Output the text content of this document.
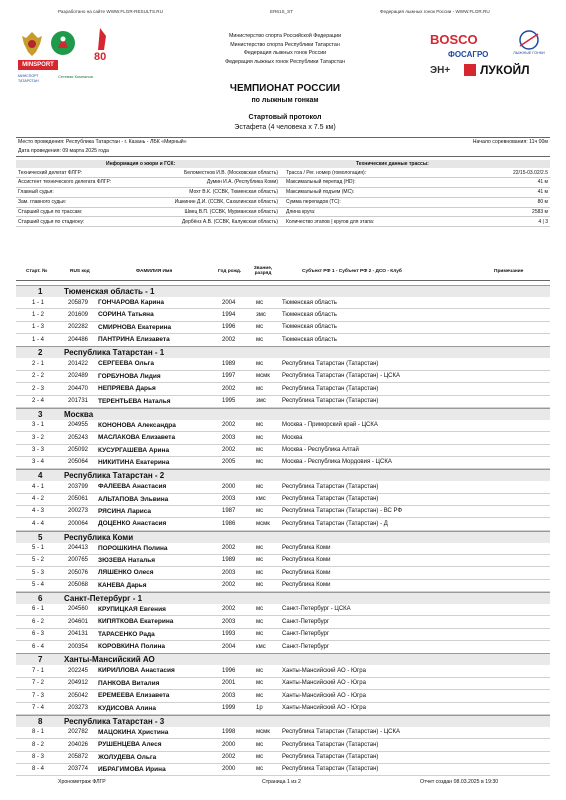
Разработано на сайте WWW.FLGR-RESULTS.RU	ER61S_ST	Федерация лыжных гонок России - WWW.FLGR.RU
80
MINSPORT
МИНСПОРТ ТАТАРСТАН
Сетевая Компания
Министерство спорта Российской Федерации
Министерство спорта Республики Татарстан
Федерация лыжных гонок России
Федерация лыжных гонок Республики Татарстан
BOSCO
ЛЫЖНЫЕ ГОНКИ
ФОСАГРО
ЭН+ ЛУКОЙЛ
ЧЕМПИОНАТ РОССИИ
по лыжным гонкам
Стартовый протокол
Эстафета (4 человека х 7.5 км)
Место проведения: Республика Татарстан - г. Казань - ЛБК «Мирный»	Начало соревнования: 11ч 00м
Дата проведения: 09 марта 2025 года
Информация о жюри и ГСК:	Технические данные трассы:
Технический делегат ФЛГР:	Беломестнов И.В. (Московская область) Трасса / Рег. номер (гомологация):	22/15-03.02/2.5
Ассистент технического делегата ФЛГР:	Думин И.А. (Республика Коми) Максимальный перепад (HD):	41 м
Главный судья:	Мохт В.К. (ССВК, Тюменская область) Максимальный подъем (MC):	41 м
Зам. главного судьи:	Ишкинин Д.И. (ССВК, Сахалинская область) Сумма перепадов (TC):	80 м
Старший судья по трассам:	Швец В.П. (ССВК, Мурманская область) Длина круга:	2583 м
Старший судья по стадиону:	Дербёнз А.В. (ССВК, Калужская область) Количество этапов | кругов для этапа:	4 | 3
Старт. №	RUS код	ФАМИЛИЯ Имя	Год рожд.
Звание, разряд	Субъект РФ 1 - Субъект РФ 2 - ДСО - Клуб	Примечание
1	Тюменская область - 1
1 - 1	205879 ГОНЧАРОВА Карина	2004	мс	Тюменская область
1 - 2	201609 СОРИНА Татьяна	1994	змс	Тюменская область
1 - 3	202282 СМИРНОВА Екатерина	1996	мс	Тюменская область
1 - 4	204486 ПАНТРИНА Елизавета	2002	мс	Тюменская область
2	Республика Татарстан - 1
2 - 1	201422 СЕРГЕЕВА Ольга	1989	мс	Республика Татарстан (Татарстан)
2 - 2	202489 ГОРБУНОВА Лидия	1997	мсмк Республика Татарстан (Татарстан) - ЦСКА
2 - 3	204470 НЕПРЯЕВА Дарья	2002	мс	Республика Татарстан (Татарстан)
2 - 4	201731 ТЕРЕНТЬЕВА Наталья	1995	змс	Республика Татарстан (Татарстан)
3	Москва
3 - 1	204955 КОНОНОВА Александра	2002	мс	Москва - Приморский край - ЦСКА
3 - 2	205243 МАСЛАКОВА Елизавета	2003	мс	Москва
3 - 3	205092 КУСУРГАШЕВА Арина	2002	мс	Москва - Республика Алтай
3 - 4	205064 НИКИТИНА Екатерина	2005	мс	Москва - Республика Мордовия - ЦСКА
4	Республика Татарстан - 2
4 - 1	203799 ФАЛЕЕВА Анастасия	2000	мс	Республика Татарстан (Татарстан)
4 - 2	205061 АЛЬТАПОВА Эльвина	2003	кмс	Республика Татарстан (Татарстан)
4 - 3	200273 РЯСИНА Лариса	1987	мс	Республика Татарстан (Татарстан) - ВС РФ
4 - 4	200064 ДОЦЕНКО Анастасия	1986	мсмк Республика Татарстан (Татарстан) - Д
5	Республика Коми
5 - 1	204413 ПОРОШКИНА Полина	2002	мс	Республика Коми
5 - 2	200765 ЗЮЗЕВА Наталья	1989	мс	Республика Коми
5 - 3	205076 ЛЯШЕНКО Олеся	2003	мс	Республика Коми
5 - 4	205068 КАНЕВА Дарья	2002	мс	Республика Коми
6	Санкт-Петербург - 1
6 - 1	204560 КРУПИЦКАЯ Евгения	2002	мс	Санкт-Петербург - ЦСКА
6 - 2	204601 КИПЯТКОВА Екатерина	2003	мс	Санкт-Петербург
6 - 3	204131 ТАРАСЕНКО Рада	1993	мс	Санкт-Петербург
6 - 4	200354 КОРОВКИНА Полина	2004	кмс	Санкт-Петербург
7	Ханты-Мансийский АО
7 - 1	202245 КИРИЛЛОВА Анастасия	1996	мс	Ханты-Мансийский АО - Югра
7 - 2	204912 ПАНКОВА Виталия	2001	мс	Ханты-Мансийский АО - Югра
7 - 3	205042 ЕРЕМЕЕВА Елизавета	2003	мс	Ханты-Мансийский АО - Югра
7 - 4	203273 КУДИСОВА Алина	1999	1р	Ханты-Мансийский АО - Югра
8	Республика Татарстан - 3
8 - 1	202782 МАЦОКИНА Христина	1998	мсмк Республика Татарстан (Татарстан) - ЦСКА
8 - 2	204026 РУШЕНЦЕВА Алеся	2000	мс	Республика Татарстан (Татарстан)
8 - 3	205872 ЖОЛУДЕВА Ольга	2002	мс	Республика Татарстан (Татарстан)
8 - 4	203774 ИБРАГИМОВА Ирина	2000	мс	Республика Татарстан (Татарстан)
Хронометраж ФЛГР	Страница 1 из 2	Отчет создан 08.03.2025 в 19:30
